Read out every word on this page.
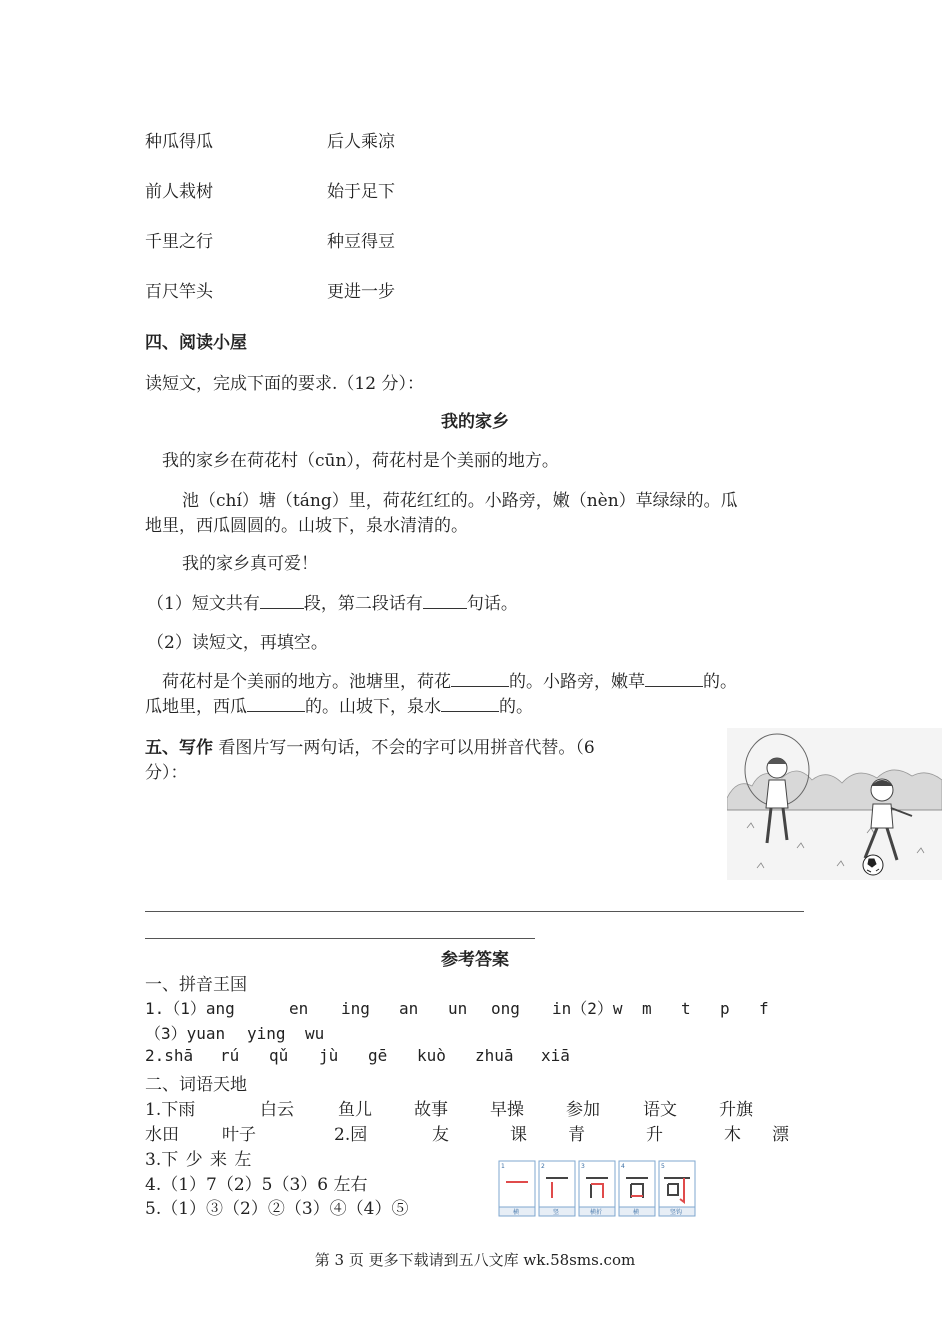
种瓜得瓜	后人乘凉
前人栽树	始于足下
千里之行	种豆得豆
百尺竿头	更进一步
四、阅读小屋
读短文，完成下面的要求.（12 分）：
我的家乡
我的家乡在荷花村（cūn），荷花村是个美丽的地方。
池（chí）塘（táng）里，荷花红红的。小路旁，嫩（nèn）草绿绿的。瓜
地里，西瓜圆圆的。山坡下，泉水清清的。
我的家乡真可爱！
（1）短文共有	段，第二段话有	句话。
（2）读短文，再填空。
荷花村是个美丽的地方。池塘里，荷花	的。小路旁，嫩草	的。
瓜地里，西瓜	的。山坡下，泉水	的。
五、写作 看图片写一两句话，不会的字可以用拼音代替。（6
分）：
参考答案
一、拼音王国
1.（1）ang	en ing an un ong in（2）w m t p f
（3）yuan ying wu
2.shā rú qǔ jù gē kuò zhuā xiā
二、词语天地
1.下雨	白云	鱼儿 故事 早操 参加	语文 升旗
水田	叶子	2.园	友	课 青	升	木 漂
3.下 少 来 左
4.（1）7（2）5（3）6 左右
5.（1）③（2）②（3）④（4）⑤
1
横
2
竖
3
横折
4
横
5
竖钩
第 3 页 更多下载请到五八文库 wk.58sms.com
